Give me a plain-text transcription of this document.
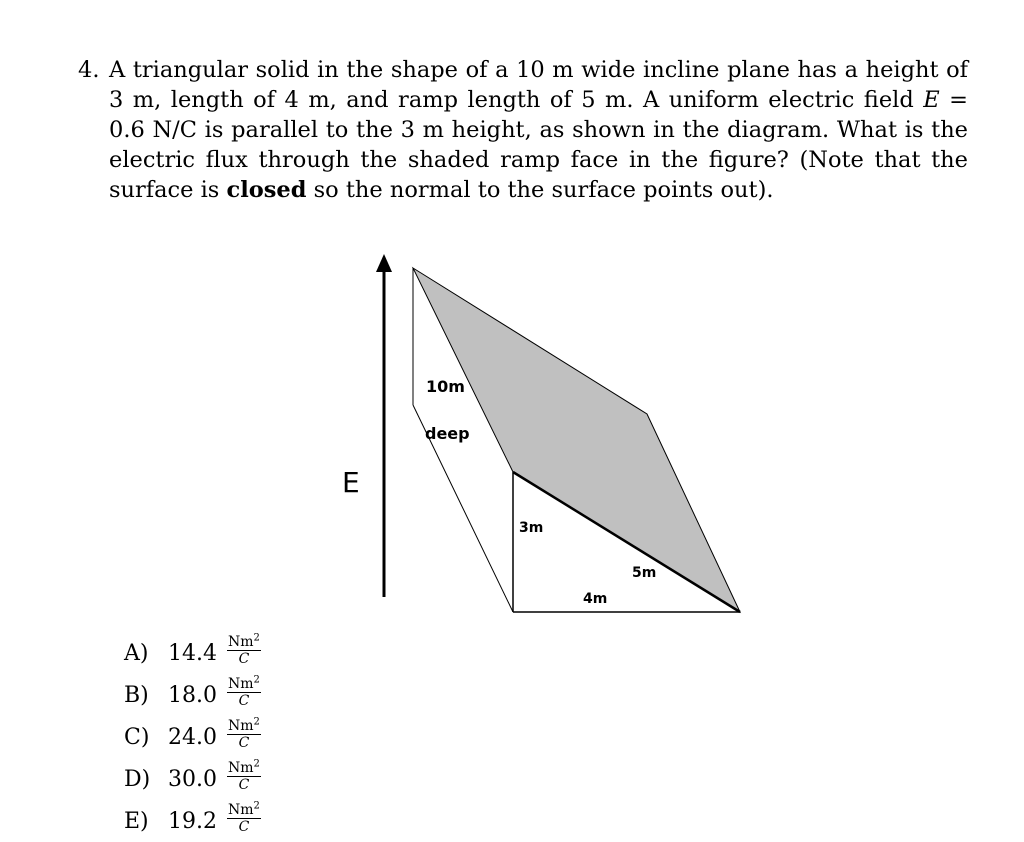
4. A triangular solid in the shape of a 10 m wide incline plane has a height of 3 m, length of 4 m, and ramp length of 5 m. A uniform electric field E = 0.6 N/C is parallel to the 3 m height, as shown in the diagram. What is the electric flux through the shaded ramp face in the figure? (Note that the surface is closed so the normal to the surface points out).
E
10m
deep
3m
5m
4m
A) $14.4 \frac{Nm^2}{C}$
B) $18.0 \frac{Nm^2}{C}$
C) $24.0 \frac{Nm^2}{C}$
D) $30.0 \frac{Nm^2}{C}$
E) $19.2 \frac{Nm^2}{C}$
